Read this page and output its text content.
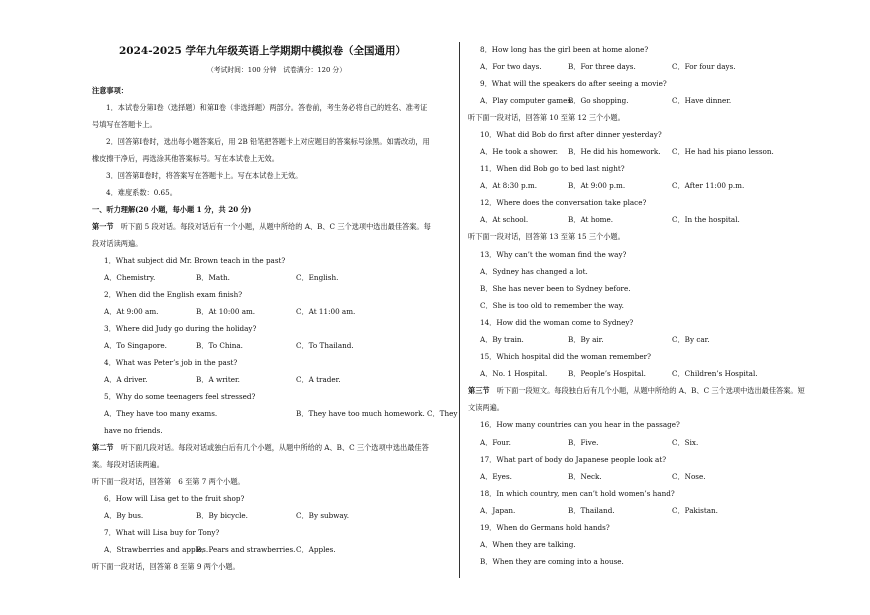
2024-2025 学年九年级英语上学期期中模拟卷（全国通用）
（考试时间：100 分钟　试卷满分：120 分）
注意事项：
1．本试卷分第Ⅰ卷（选择题）和第Ⅱ卷（非选择题）两部分。答卷前，考生务必将自己的姓名、准考证
号填写在答题卡上。
2．回答第Ⅰ卷时，选出每小题答案后，用 2B 铅笔把答题卡上对应题目的答案标号涂黑。如需改动，用
橡皮擦干净后，再选涂其他答案标号。写在本试卷上无效。
3．回答第Ⅱ卷时，将答案写在答题卡上。写在本试卷上无效。
4．难度系数：0.65。
一、听力理解(20 小题，每小题 1 分，共 20 分)
第一节　听下面 5 段对话。每段对话后有一个小题，从题中所给的 A、B、C 三个选项中选出最佳答案。每
段对话读两遍。
1．What subject did Mr. Brown teach in the past?
A．Chemistry.	B．Math.	C．English.
2．When did the English exam finish?
A．At 9:00 am.	B．At 10:00 am.	C．At 11:00 am.
3．Where did Judy go during the holiday?
A．To Singapore.	B．To China.	C．To Thailand.
4．What was Peter’s job in the past?
A．A driver.	B．A writer.	C．A trader.
5．Why do some teenagers feel stressed?
A．They have too many exams.	B．They have too much homework. C．They
have no friends.
第二节　听下面几段对话。每段对话或独白后有几个小题，从题中所给的 A、B、C 三个选项中选出最佳答
案。每段对话读两遍。
听下面一段对话，回答第　6 至第 7 两个小题。
6．How will Lisa get to the fruit shop?
A．By bus.	B．By bicycle.	C．By subway.
7．What will Lisa buy for Tony?
A．Strawberries and apples.
B．Pears and strawberries. C．Apples.
听下面一段对话，回答第 8 至第 9 两个小题。
8．How long has the girl been at home alone?
A．For two days.	B．For three days.	C．For four days.
9．What will the speakers do after seeing a movie?
A．Play computer games.
B．Go shopping.	C．Have dinner.
听下面一段对话，回答第 10 至第 12 三个小题。
10．What did Bob do first after dinner yesterday?
A．He took a shower. B．He did his homework. C．He had his piano lesson.
11．When did Bob go to bed last night?
A．At 8:30 p.m.	B．At 9:00 p.m.	C．After 11:00 p.m.
12．Where does the conversation take place?
A．At school.	B．At home.	C．In the hospital.
听下面一段对话，回答第 13 至第 15 三个小题。
13．Why can’t the woman find the way?
A．Sydney has changed a lot.
B．She has never been to Sydney before.
C．She is too old to remember the way.
14．How did the woman come to Sydney?
A．By train.	B．By air.	C．By car.
15．Which hospital did the woman remember?
A．No. 1 Hospital.	B．People’s Hospital.	C．Children’s Hospital.
第三节　听下面一段短文。每段独白后有几个小题，从题中所给的 A、B、C 三个选项中选出最佳答案。短
文读两遍。
16．How many countries can you hear in the passage?
A．Four.	B．Five.	C．Six.
17．What part of body do Japanese people look at?
A．Eyes.	B．Neck.	C．Nose.
18．In which country, men can’t hold women’s hand?
A．Japan.	B．Thailand.	C．Pakistan.
19．When do Germans hold hands?
A．When they are talking.
B．When they are coming into a house.
